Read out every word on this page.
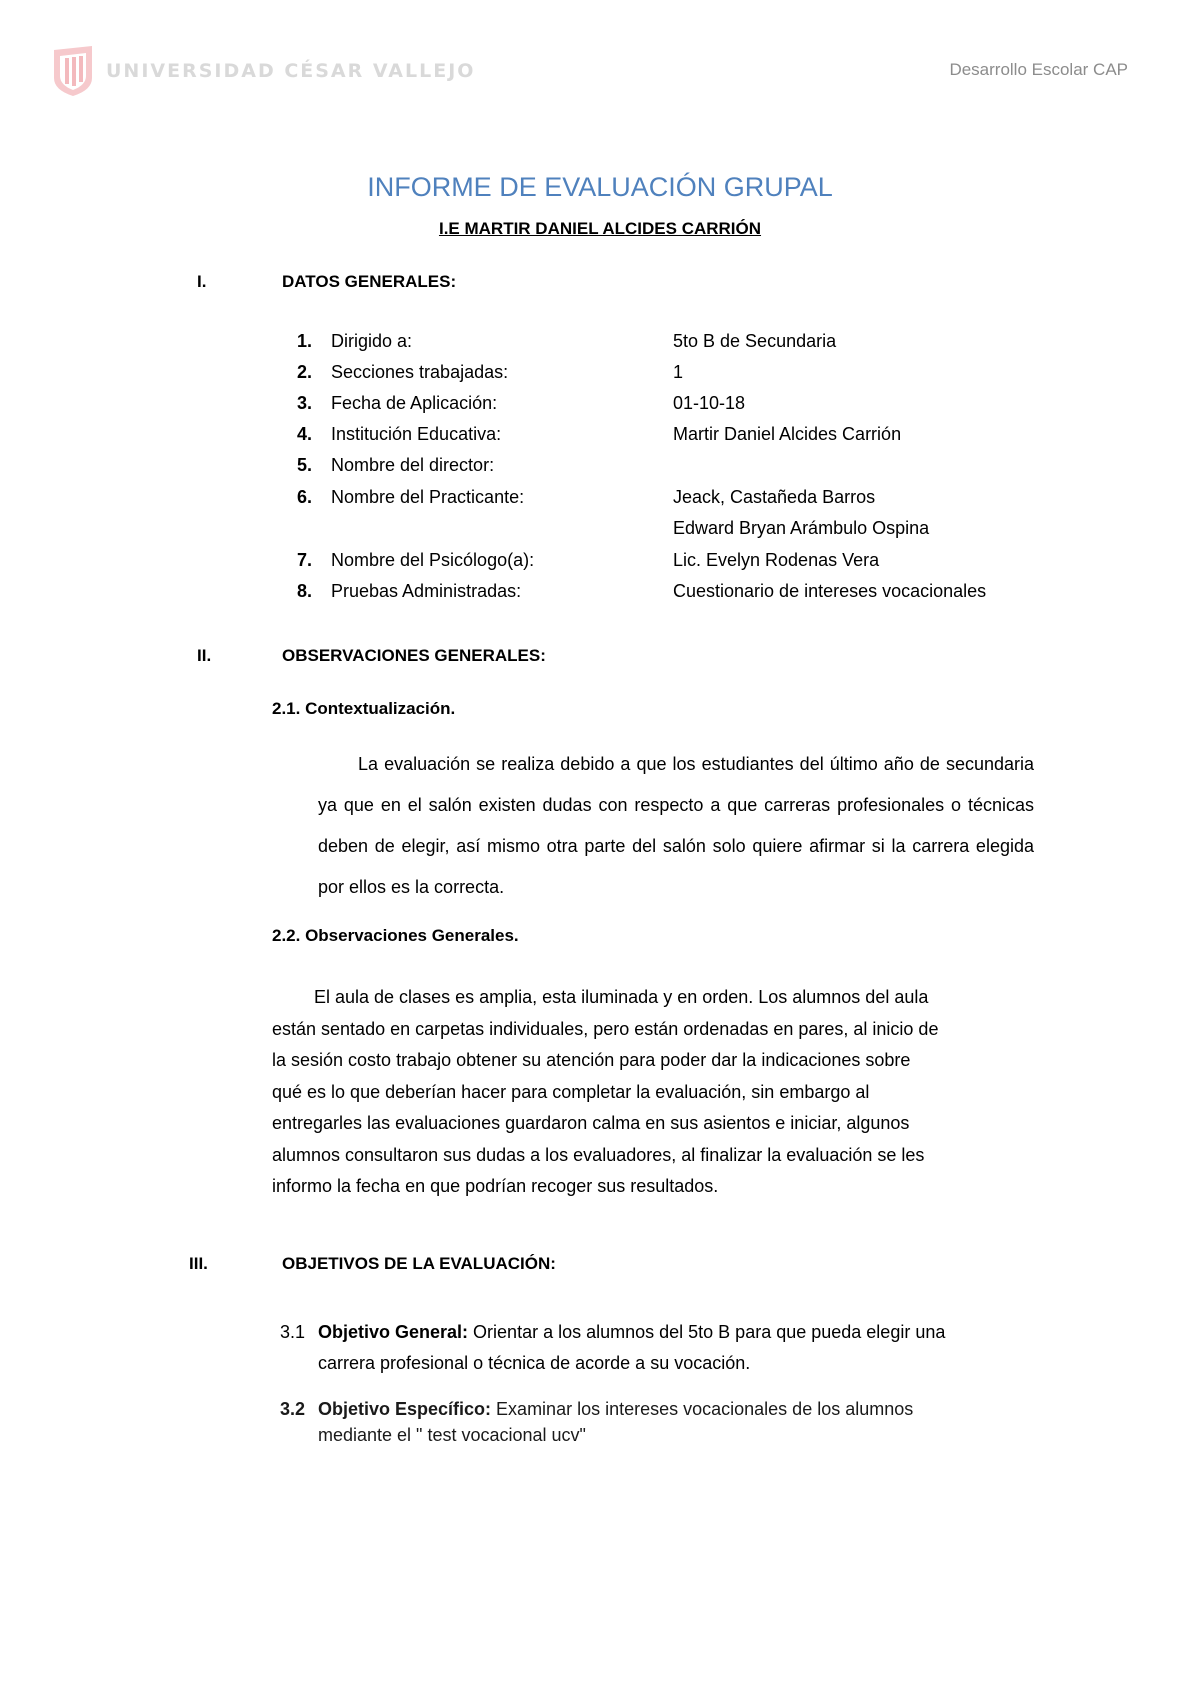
UNIVERSIDAD CÉSAR VALLEJO	Desarrollo Escolar CAP
INFORME DE EVALUACIÓN GRUPAL
I.E MARTIR DANIEL ALCIDES CARRIÓN
I.	DATOS GENERALES:
1. Dirigido a:	5to B de Secundaria
2. Secciones trabajadas:	1
3. Fecha de Aplicación:	01-10-18
4. Institución Educativa:	Martir Daniel Alcides Carrión
5. Nombre del director:
6. Nombre del Practicante:	Jeack, Castañeda Barros
Edward Bryan Arámbulo Ospina
7. Nombre del Psicólogo(a):	Lic. Evelyn Rodenas Vera
8. Pruebas Administradas:	Cuestionario de intereses vocacionales
II.	OBSERVACIONES GENERALES:
2.1. Contextualización.

La evaluación se realiza debido a que los estudiantes del último año de secundaria ya que en el salón existen dudas con respecto a que carreras profesionales o técnicas deben de elegir, así mismo otra parte del salón solo quiere afirmar si la carrera elegida por ellos es la correcta.

2.2. Observaciones Generales.
El aula de clases es amplia, esta iluminada y en orden. Los alumnos del aula
están sentado en carpetas individuales, pero están ordenadas en pares, al inicio de
la sesión costo trabajo obtener su atención para poder dar la indicaciones sobre
qué es lo que deberían hacer para completar la evaluación, sin embargo al
entregarles las evaluaciones guardaron calma en sus asientos e iniciar, algunos
alumnos consultaron sus dudas a los evaluadores, al finalizar la evaluación se les
informo la fecha en que podrían recoger sus resultados.
III.	OBJETIVOS DE LA EVALUACIÓN:
3.1 Objetivo General: Orientar a los alumnos del 5to B para que pueda elegir una
carrera profesional o técnica de acorde a su vocación.
3.2 Objetivo Específico: Examinar los intereses vocacionales de los alumnos
mediante el " test vocacional ucv"
